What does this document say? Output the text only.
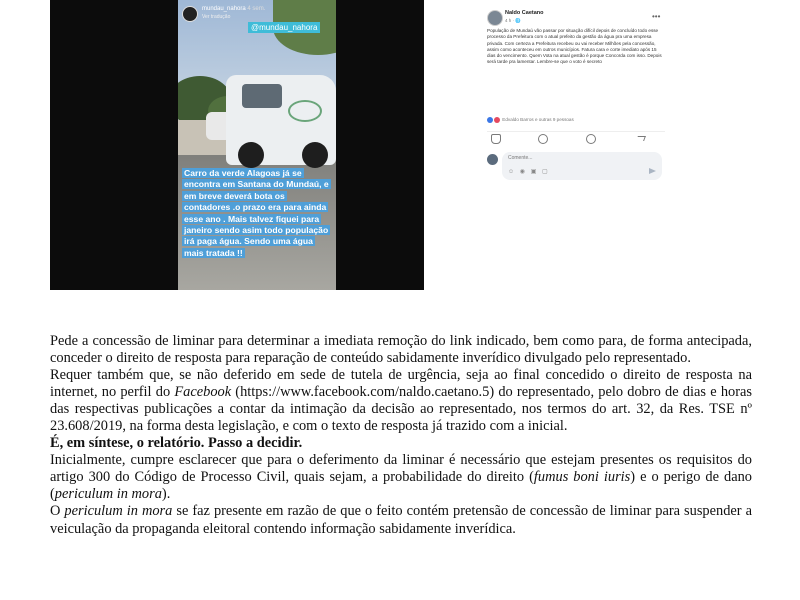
mundau_nahora 4 sem.
Ver tradução
@mundau_nahora
Carro da verde Alagoas já se encontra em Santana do Mundaú, e em breve deverá bota os contadores .o prazo era para ainda esse ano . Mais talvez fiquei para janeiro sendo asim todo população irá paga água. Sendo uma água mais tratada !!
Naldo Caetano
4 h · 🌐	•••
População de Mundaú vão passar por situação difícil depois de concluído todo esse processo da Prefeitura com o atual prefeito da gestão da água pra uma empresa privada. Com certeza a Prefeitura recebeu ou vai receber Milhões pela concessão, assim como aconteceu em outros municípios. Fatura cara e corte imediato após 15 dias do vencimento. Quem Vota na atual gestão é porque Concorda com isso. Depois será tarde pra lamentar. Lembre-se que o voto é secreto
Edvaldo Barros e outras 9 pessoas
Comente...
☺ ◉ ▣ ▢

Pede a concessão de liminar para determinar a imediata remoção do link indicado, bem como para, de forma antecipada, conceder o direito de resposta para reparação de conteúdo sabidamente inverídico divulgado pelo representado.

Requer também que, se não deferido em sede de tutela de urgência, seja ao final concedido o direito de resposta na internet, no perfil do Facebook (https://www.facebook.com/naldo.caetano.5) do representado, pelo dobro de dias e horas das respectivas publicações a contar da intimação da decisão ao representado, nos termos do art. 32, da Res. TSE nº 23.608/2019, na forma desta legislação, e com o texto de resposta já trazido com a inicial.

É, em síntese, o relatório. Passo a decidir.

Inicialmente, cumpre esclarecer que para o deferimento da liminar é necessário que estejam presentes os requisitos do artigo 300 do Código de Processo Civil, quais sejam, a probabilidade do direito (fumus boni iuris) e o perigo de dano (periculum in mora).

O periculum in mora se faz presente em razão de que o feito contém pretensão de concessão de liminar para suspender a veiculação da propaganda eleitoral contendo informação sabidamente inverídica.
